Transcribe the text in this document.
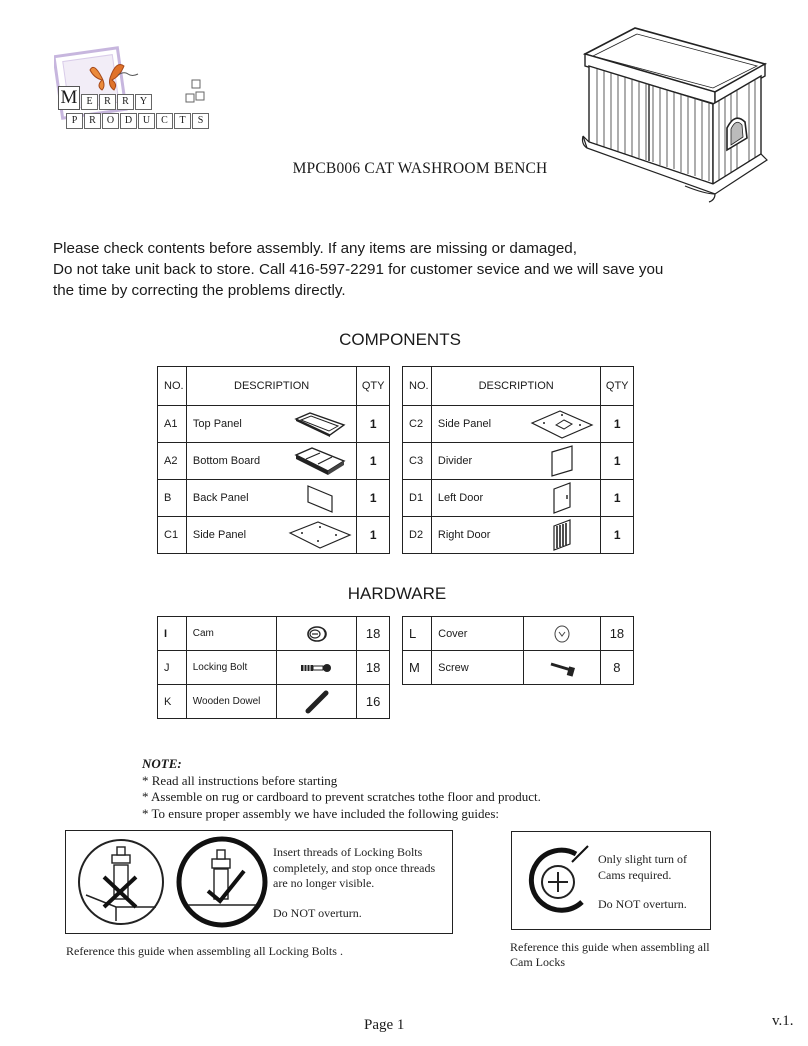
M E	R	R	Y
P	R	O	D	U	C	T	S
MPCB006 CAT WASHROOM BENCH
Please check contents before assembly. If any items are missing or damaged,
Do not take unit back to store. Call 416-597-2291 for customer sevice and we will save you
the time by correcting the problems directly.
COMPONENTS
NO.	DESCRIPTION		QTY
A1	Top Panel		1
A2	Bottom Board		1
B	Back Panel		1
C1	Side Panel		1
NO.	DESCRIPTION		QTY
C2	Side Panel		1
C3	Divider		1
D1	Left Door		1
D2	Right Door		1
HARDWARE
I	Cam		18
J	Locking Bolt		18
K	Wooden Dowel		16
L	Cover		18
M	Screw		8
NOTE:
* Read all instructions before starting
* Assemble on rug or cardboard to prevent scratches tothe floor and product.
* To ensure proper assembly we have included the following guides:
Insert threads of Locking Bolts
completely, and stop once threads
are no longer visible.
Do NOT overturn.
Reference this guide when assembling all Locking Bolts .
Only slight turn of
Cams required.
Do NOT overturn.
Reference this guide when assembling all
Cam Locks
Page 1	v.1.
